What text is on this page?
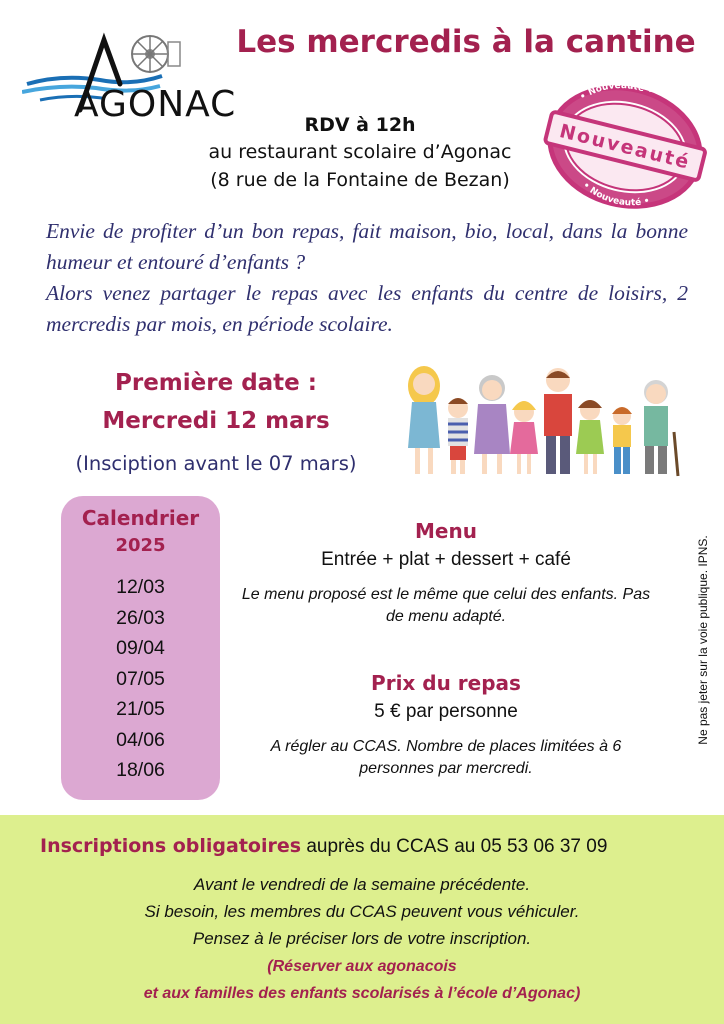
AGONAC
Les mercredis à la cantine
RDV à 12h
au restaurant scolaire d’Agonac
(8 rue de la Fontaine de Bezan)
• Nouveauté •
• Nouveauté •
Nouveauté
Envie de profiter d’un bon repas, fait maison, bio, local, dans la bonne humeur et entouré d’enfants ?
Alors venez partager le repas avec les enfants du centre de loisirs, 2 mercredis par mois, en période scolaire.
Première date :
Mercredi 12 mars
(Insciption avant le 07 mars)
Calendrier
2025
12/03
26/03
09/04
07/05
21/05
04/06
18/06
Menu
Entrée + plat + dessert + café
Le menu proposé est le même que celui des enfants. Pas de menu adapté.
Prix du repas
5 € par personne
A régler au CCAS. Nombre de places limitées à 6 personnes par mercredi.
Ne pas jeter sur la voie publique. IPNS.
Inscriptions obligatoires auprès du CCAS au 05 53 06 37 09
Avant le vendredi de la semaine précédente.
Si besoin, les membres du CCAS peuvent vous véhiculer.
Pensez à le préciser lors de votre inscription.
(Réserver aux agonacois
et aux familles des enfants scolarisés à l’école d’Agonac)
